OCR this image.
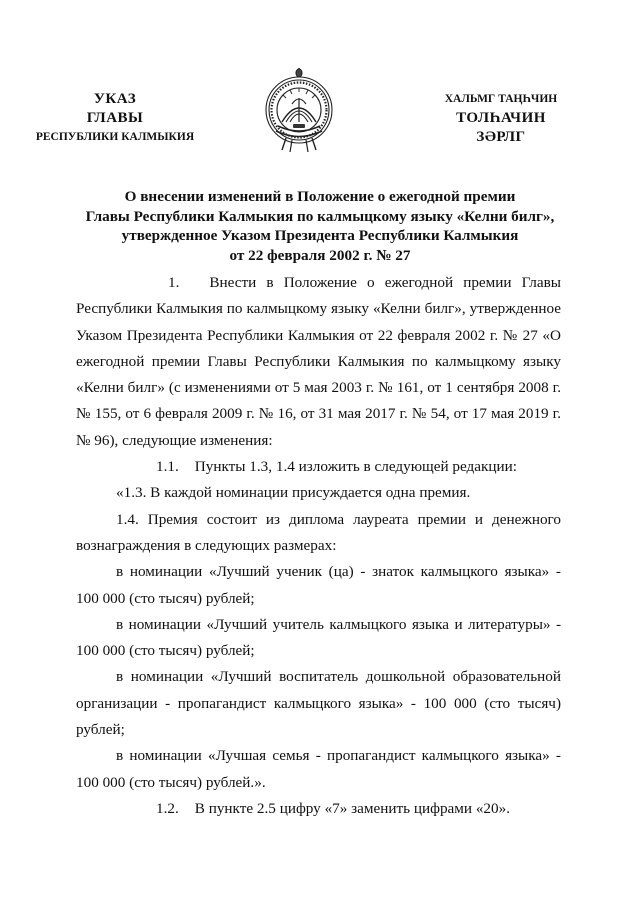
УКАЗ
ГЛАВЫ
РЕСПУБЛИКИ КАЛМЫКИЯ
ХАЛЬМГ ТАҢҺЧИН
ТОЛҺАЧИН
ЗӘРЛГ
О внесении изменений в Положение о ежегодной премии
Главы Республики Калмыкия по калмыцкому языку «Келни билг»,
утвержденное Указом Президента Республики Калмыкия
от 22 февраля 2002 г. № 27

1. Внести в Положение о ежегодной премии Главы Республики Калмыкия по калмыцкому языку «Келни билг», утвержденное Указом Президента Республики Калмыкия от 22 февраля 2002 г. № 27 «О ежегодной премии Главы Республики Калмыкия по калмыцкому языку «Келни билг» (с изменениями от 5 мая 2003 г. № 161, от 1 сентября 2008 г. № 155, от 6 февраля 2009 г. № 16, от 31 мая 2017 г. № 54, от 17 мая 2019 г. № 96), следующие изменения:

1.1. Пункты 1.3, 1.4 изложить в следующей редакции:

«1.3. В каждой номинации присуждается одна премия.

1.4. Премия состоит из диплома лауреата премии и денежного вознаграждения в следующих размерах:

в номинации «Лучший ученик (ца) - знаток калмыцкого языка» - 100 000 (сто тысяч) рублей;

в номинации «Лучший учитель калмыцкого языка и литературы» - 100 000 (сто тысяч) рублей;

в номинации «Лучший воспитатель дошкольной образовательной организации - пропагандист калмыцкого языка» - 100 000 (сто тысяч) рублей;

в номинации «Лучшая семья - пропагандист калмыцкого языка» - 100 000 (сто тысяч) рублей.».

1.2. В пункте 2.5 цифру «7» заменить цифрами «20».
